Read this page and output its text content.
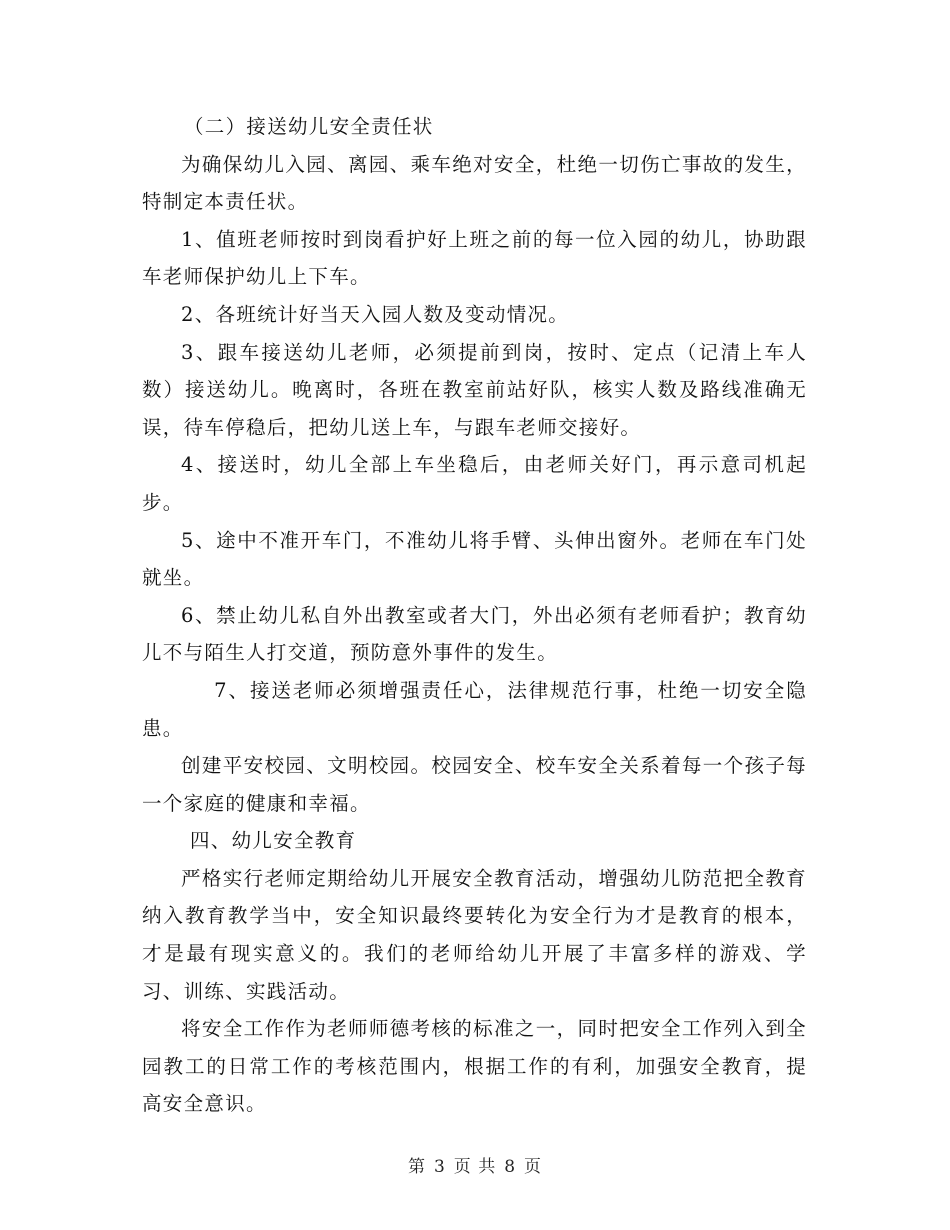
（二）接送幼儿安全责任状

为确保幼儿入园、离园、乘车绝对安全，杜绝一切伤亡事故的发生， 特制定本责任状。

1、值班老师按时到岗看护好上班之前的每一位入园的幼儿，协助跟车老师保护幼儿上下车。

2、各班统计好当天入园人数及变动情况。

3、跟车接送幼儿老师，必须提前到岗，按时、定点（记清上车人数）接送幼儿。晚离时，各班在教室前站好队，核实人数及路线准确无误，待车停稳后，把幼儿送上车，与跟车老师交接好。

4、接送时，幼儿全部上车坐稳后，由老师关好门，再示意司机起步。

5、途中不准开车门，不准幼儿将手臂、头伸出窗外。老师在车门处就坐。

6、禁止幼儿私自外出教室或者大门，外出必须有老师看护；教育幼儿不与陌生人打交道，预防意外事件的发生。

7、接送老师必须增强责任心，法律规范行事，杜绝一切安全隐患。

创建平安校园、文明校园。校园安全、校车安全关系着每一个孩子每一个家庭的健康和幸福。

四、幼儿安全教育

严格实行老师定期给幼儿开展安全教育活动，增强幼儿防范把全教育纳入教育教学当中，安全知识最终要转化为安全行为才是教育的根本，才是最有现实意义的。我们的老师给幼儿开展了丰富多样的游戏、学习、训练、实践活动。

将安全工作作为老师师德考核的标准之一，同时把安全工作列入到全园教工的日常工作的考核范围内，根据工作的有利，加强安全教育，提高安全意识。

第 3 页 共 8 页
